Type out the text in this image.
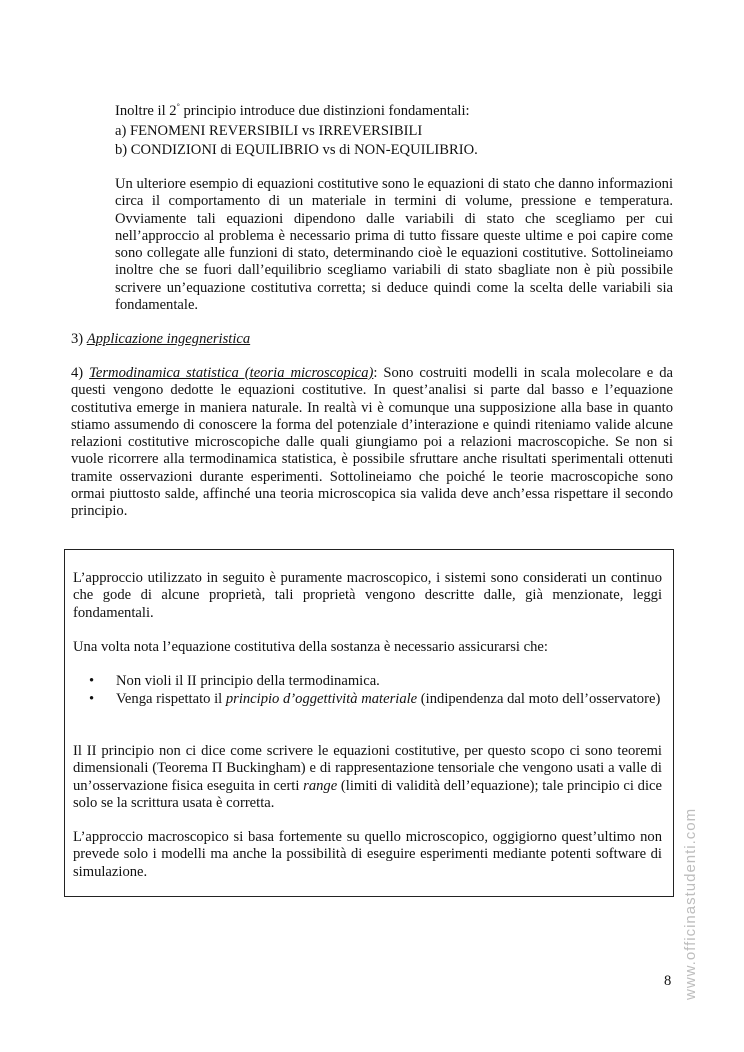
Inoltre il 2° principio introduce due distinzioni fondamentali:
a) FENOMENI REVERSIBILI vs IRREVERSIBILI
b) CONDIZIONI di EQUILIBRIO vs di NON-EQUILIBRIO.
Un ulteriore esempio di equazioni costitutive sono le equazioni di stato che danno informazioni circa il comportamento di un materiale in termini di volume, pressione e temperatura. Ovviamente tali equazioni dipendono dalle variabili di stato che scegliamo per cui nell’approccio al problema è necessario prima di tutto fissare queste ultime e poi capire come sono collegate alle funzioni di stato, determinando cioè le equazioni costitutive. Sottolineiamo inoltre che se fuori dall’equilibrio scegliamo variabili di stato sbagliate non è più possibile scrivere un’equazione costitutiva corretta; si deduce quindi come la scelta delle variabili sia fondamentale.
3) Applicazione ingegneristica
4) Termodinamica statistica (teoria microscopica): Sono costruiti modelli in scala molecolare e da questi vengono dedotte le equazioni costitutive. In quest’analisi si parte dal basso e l’equazione costitutiva emerge in maniera naturale. In realtà vi è comunque una supposizione alla base in quanto stiamo assumendo di conoscere la forma del potenziale d’interazione e quindi riteniamo valide alcune relazioni costitutive microscopiche dalle quali giungiamo poi a relazioni macroscopiche. Se non si vuole ricorrere alla termodinamica statistica, è possibile sfruttare anche risultati sperimentali ottenuti tramite osservazioni durante esperimenti. Sottolineiamo che poiché le teorie macroscopiche sono ormai piuttosto salde, affinché una teoria microscopica sia valida deve anch’essa rispettare il secondo principio.
L’approccio utilizzato in seguito è puramente macroscopico, i sistemi sono considerati un continuo che gode di alcune proprietà, tali proprietà vengono descritte dalle, già menzionate, leggi fondamentali.
Una volta nota l’equazione costitutiva della sostanza è necessario assicurarsi che:
• Non violi il II principio della termodinamica.
• Venga rispettato il principio d’oggettività materiale (indipendenza dal moto dell’osservatore)
Il II principio non ci dice come scrivere le equazioni costitutive, per questo scopo ci sono teoremi dimensionali (Teorema Π Buckingham) e di rappresentazione tensoriale che vengono usati a valle di un’osservazione fisica eseguita in certi range (limiti di validità dell’equazione); tale principio ci dice solo se la scrittura usata è corretta.
L’approccio macroscopico si basa fortemente su quello microscopico, oggigiorno quest’ultimo non prevede solo i modelli ma anche la possibilità di eseguire esperimenti mediante potenti software di simulazione.
8 www.officinastudenti.com
